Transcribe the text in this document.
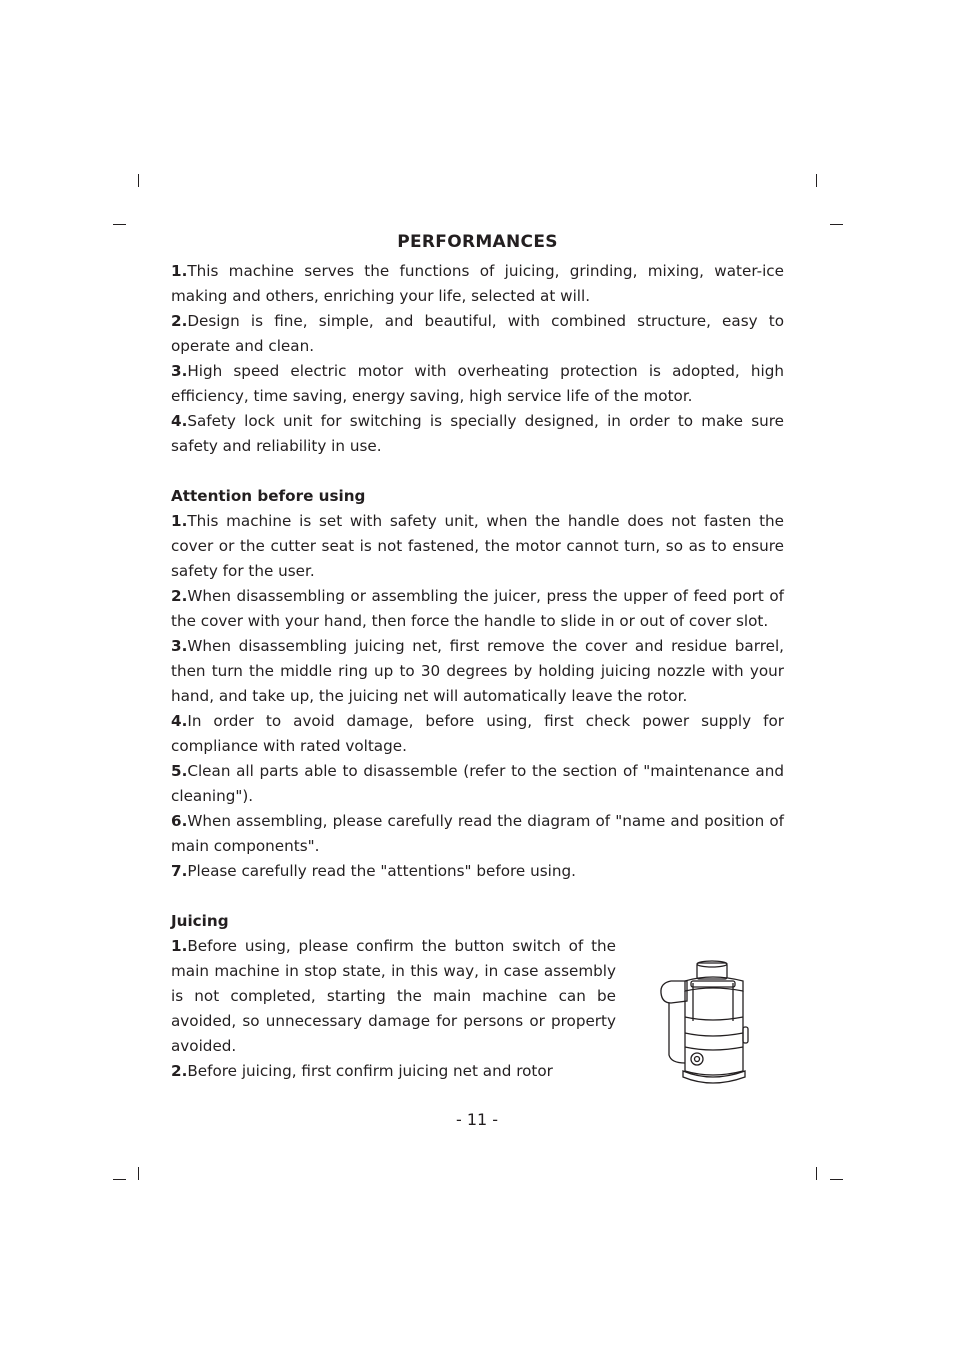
PERFORMANCES

1.This machine serves the functions of juicing, grinding, mixing, water-ice making and others, enriching your life, selected at will.

2.Design is fine, simple, and beautiful, with combined structure, easy to operate and clean.

3.High speed electric motor with overheating protection is adopted, high efficiency, time saving, energy saving, high service life of the motor.

4.Safety lock unit for switching is specially designed, in order to make sure safety and reliability in use.

Attention before using

1.This machine is set with safety unit, when the handle does not fasten the cover or the cutter seat is not fastened, the motor cannot turn, so as to ensure safety for the user.

2.When disassembling or assembling the juicer, press the upper of feed port of the cover with your hand, then force the handle to slide in or out of cover slot.

3.When disassembling juicing net, first remove the cover and residue barrel, then turn the middle ring up to 30 degrees by holding juicing nozzle with your hand, and take up, the juicing net will automatically leave the rotor.

4.In order to avoid damage, before using, first check power supply for compliance with rated voltage.

5.Clean all parts able to disassemble (refer to the section of "maintenance and cleaning").

6.When assembling, please carefully read the diagram of "name and position of main components".

7.Please carefully read the "attentions" before using.

Juicing

1.Before using, please confirm the button switch of the main machine in stop state, in this way, in case assembly is not completed, starting the main machine can be avoided, so unnecessary damage for persons or property avoided.

2.Before juicing, first confirm juicing net and rotor

- 11 -
